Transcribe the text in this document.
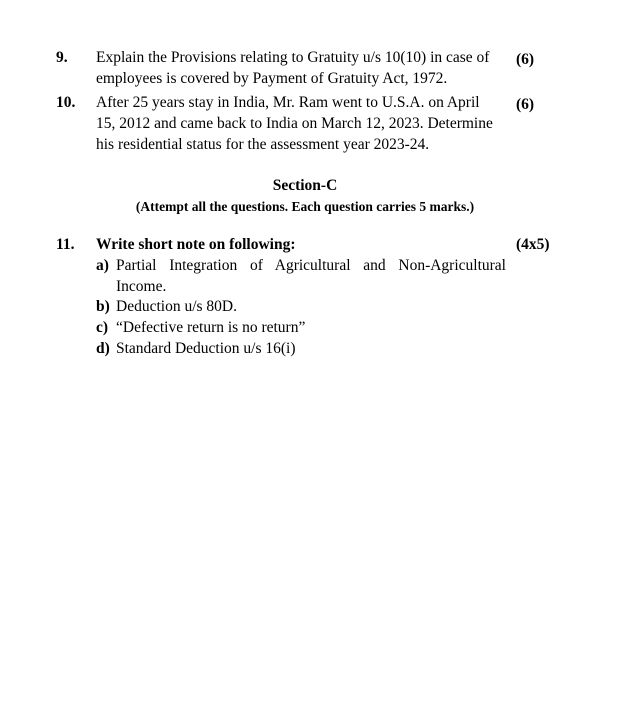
9. Explain the Provisions relating to Gratuity u/s 10(10) in case of
employees is covered by Payment of Gratuity Act, 1972.
(6)
10. After 25 years stay in India, Mr. Ram went to U.S.A. on April
15, 2012 and came back to India on March 12, 2023. Determine
his residential status for the assessment year 2023-24.
(6)
Section-C
(Attempt all the questions. Each question carries 5 marks.)
11. Write short note on following:	(4x5)
a) Partial Integration of Agricultural and Non-Agricultural
Income.
b) Deduction u/s 80D.
c) “Defective return is no return”
d) Standard Deduction u/s 16(i)
